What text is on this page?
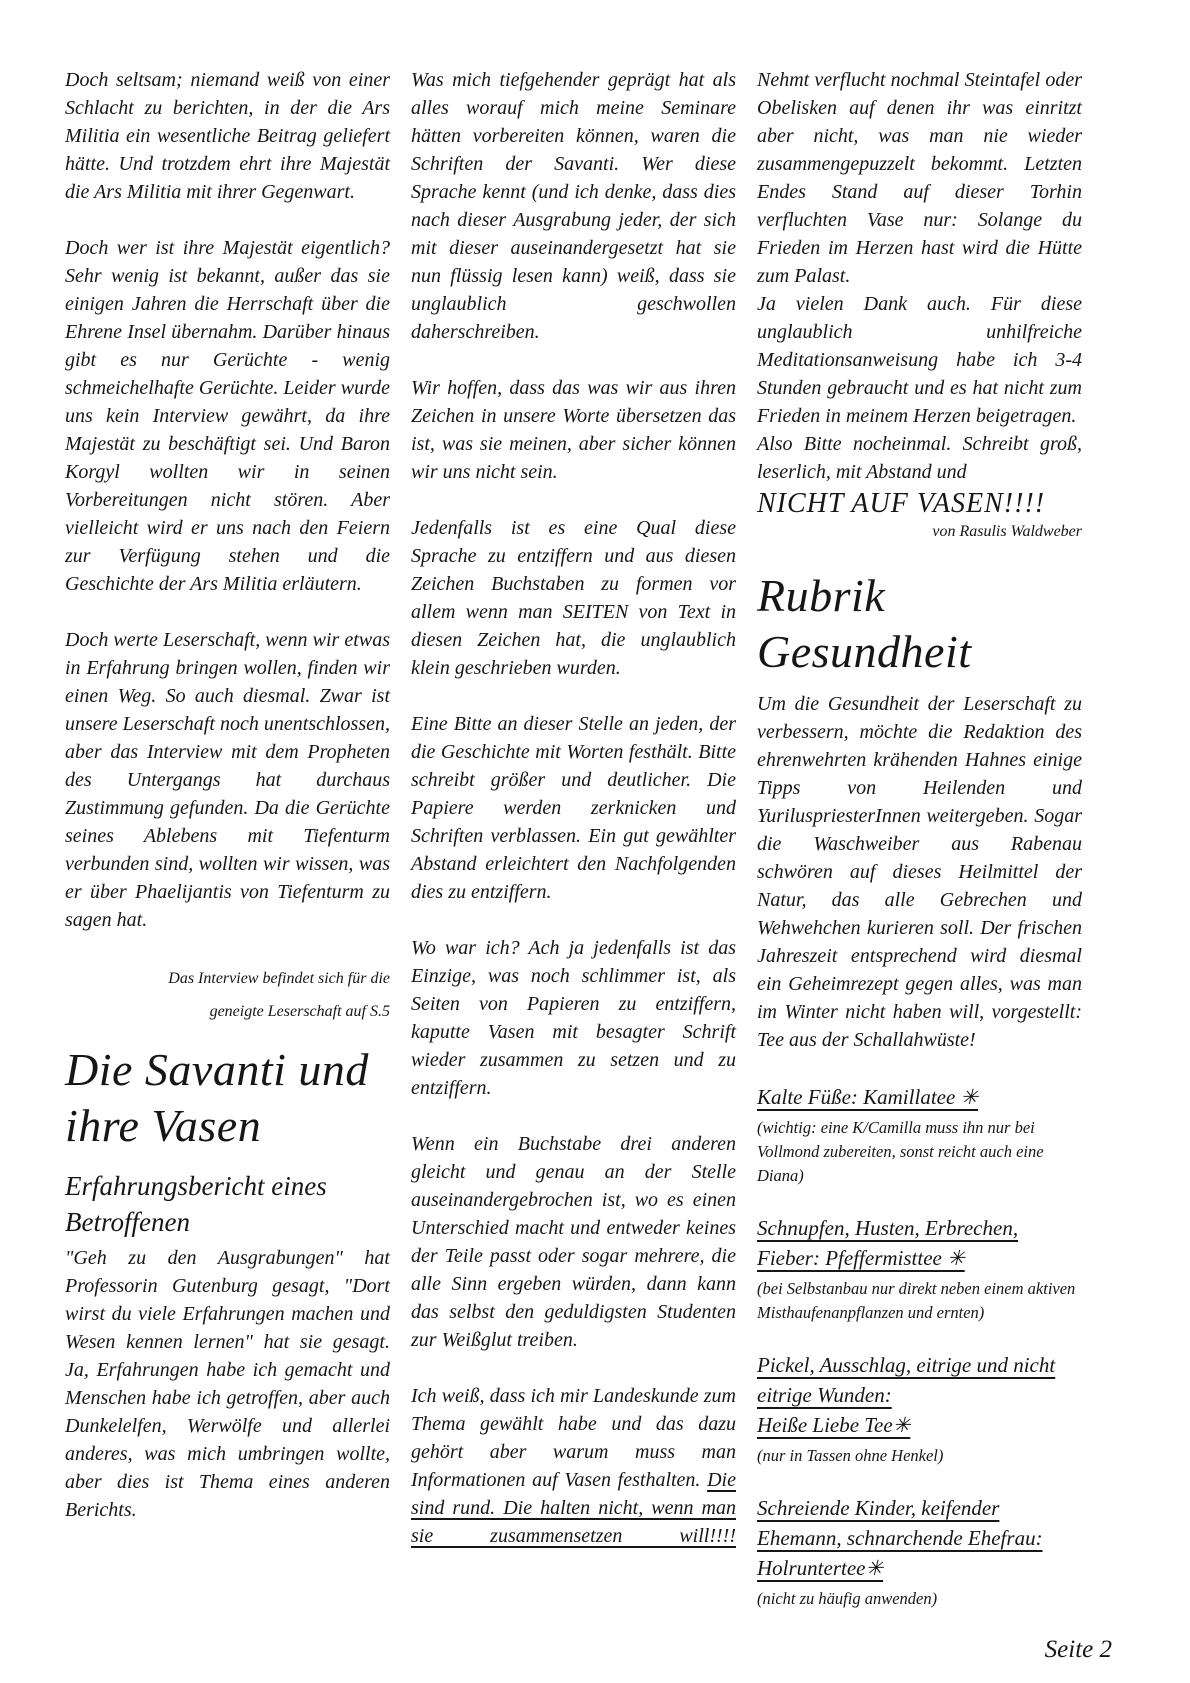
Doch seltsam; niemand weiß von einer Schlacht zu berichten, in der die Ars Militia ein wesentliche Beitrag geliefert hätte. Und trotzdem ehrt ihre Majestät die Ars Militia mit ihrer Gegenwart.

Doch wer ist ihre Majestät eigentlich? Sehr wenig ist bekannt, außer das sie einigen Jahren die Herrschaft über die Ehrene Insel übernahm. Darüber hinaus gibt es nur Gerüchte - wenig schmeichelhafte Gerüchte. Leider wurde uns kein Interview gewährt, da ihre Majestät zu beschäftigt sei. Und Baron Korgyl wollten wir in seinen Vorbereitungen nicht stören. Aber vielleicht wird er uns nach den Feiern zur Verfügung stehen und die Geschichte der Ars Militia erläutern.

Doch werte Leserschaft, wenn wir etwas in Erfahrung bringen wollen, finden wir einen Weg. So auch diesmal. Zwar ist unsere Leserschaft noch unentschlossen, aber das Interview mit dem Propheten des Untergangs hat durchaus Zustimmung gefunden. Da die Gerüchte seines Ablebens mit Tiefenturm verbunden sind, wollten wir wissen, was er über Phaelijantis von Tiefenturm zu sagen hat.

Das Interview befindet sich für die
geneigte Leserschaft auf S.5
Die Savanti und ihre Vasen
Erfahrungsbericht eines Betroffenen

"Geh zu den Ausgrabungen" hat Professorin Gutenburg gesagt, "Dort wirst du viele Erfahrungen machen und Wesen kennen lernen" hat sie gesagt. Ja, Erfahrungen habe ich gemacht und Menschen habe ich getroffen, aber auch Dunkelelfen, Werwölfe und allerlei anderes, was mich umbringen wollte, aber dies ist Thema eines anderen Berichts.

Was mich tiefgehender geprägt hat als alles worauf mich meine Seminare hätten vorbereiten können, waren die Schriften der Savanti. Wer diese Sprache kennt (und ich denke, dass dies nach dieser Ausgrabung jeder, der sich mit dieser auseinandergesetzt hat sie nun flüssig lesen kann) weiß, dass sie unglaublich geschwollen daherschreiben.

Wir hoffen, dass das was wir aus ihren Zeichen in unsere Worte übersetzen das ist, was sie meinen, aber sicher können wir uns nicht sein.

Jedenfalls ist es eine Qual diese Sprache zu entziffern und aus diesen Zeichen Buchstaben zu formen vor allem wenn man SEITEN von Text in diesen Zeichen hat, die unglaublich klein geschrieben wurden.

Eine Bitte an dieser Stelle an jeden, der die Geschichte mit Worten festhält. Bitte schreibt größer und deutlicher. Die Papiere werden zerknicken und Schriften verblassen. Ein gut gewählter Abstand erleichtert den Nachfolgenden dies zu entziffern.

Wo war ich? Ach ja jedenfalls ist das Einzige, was noch schlimmer ist, als Seiten von Papieren zu entziffern, kaputte Vasen mit besagter Schrift wieder zusammen zu setzen und zu entziffern.

Wenn ein Buchstabe drei anderen gleicht und genau an der Stelle auseinandergebrochen ist, wo es einen Unterschied macht und entweder keines der Teile passt oder sogar mehrere, die alle Sinn ergeben würden, dann kann das selbst den geduldigsten Studenten zur Weißglut treiben.

Ich weiß, dass ich mir Landeskunde zum Thema gewählt habe und das dazu gehört aber warum muss man Informationen auf Vasen festhalten. Die sind rund. Die halten nicht, wenn man sie zusammensetzen will!!!!

Nehmt verflucht nochmal Steintafel oder Obelisken auf denen ihr was einritzt aber nicht, was man nie wieder zusammengepuzzelt bekommt. Letzten Endes Stand auf dieser Torhin verfluchten Vase nur: Solange du Frieden im Herzen hast wird die Hütte zum Palast.

Ja vielen Dank auch. Für diese unglaublich unhilfreiche Meditationsanweisung habe ich 3-4 Stunden gebraucht und es hat nicht zum Frieden in meinem Herzen beigetragen.

Also Bitte nocheinmal. Schreibt groß, leserlich, mit Abstand und

NICHT AUF VASEN!!!!

von Rasulis Waldweber

Rubrik Gesundheit

Um die Gesundheit der Leserschaft zu verbessern, möchte die Redaktion des ehrenwehrten krähenden Hahnes einige Tipps von Heilenden und YuriluspriesterInnen weitergeben. Sogar die Waschweiber aus Rabenau schwören auf dieses Heilmittel der Natur, das alle Gebrechen und Wehwehchen kurieren soll. Der frischen Jahreszeit entsprechend wird diesmal ein Geheimrezept gegen alles, was man im Winter nicht haben will, vorgestellt: Tee aus der Schallahwüste!

Kalte Füße: Kamillatee ✳

(wichtig: eine K/Camilla muss ihn nur bei Vollmond zubereiten, sonst reicht auch eine Diana)

Schnupfen, Husten, Erbrechen, Fieber: Pfeffermisttee ✳

(bei Selbstanbau nur direkt neben einem aktiven Misthaufenanpflanzen und ernten)

Pickel, Ausschlag, eitrige und nicht eitrige Wunden:

Heiße Liebe Tee✳

(nur in Tassen ohne Henkel)

Schreiende Kinder, keifender Ehemann, schnarchende Ehefrau:

Holruntertee✳

(nicht zu häufig anwenden)

Seite 2
